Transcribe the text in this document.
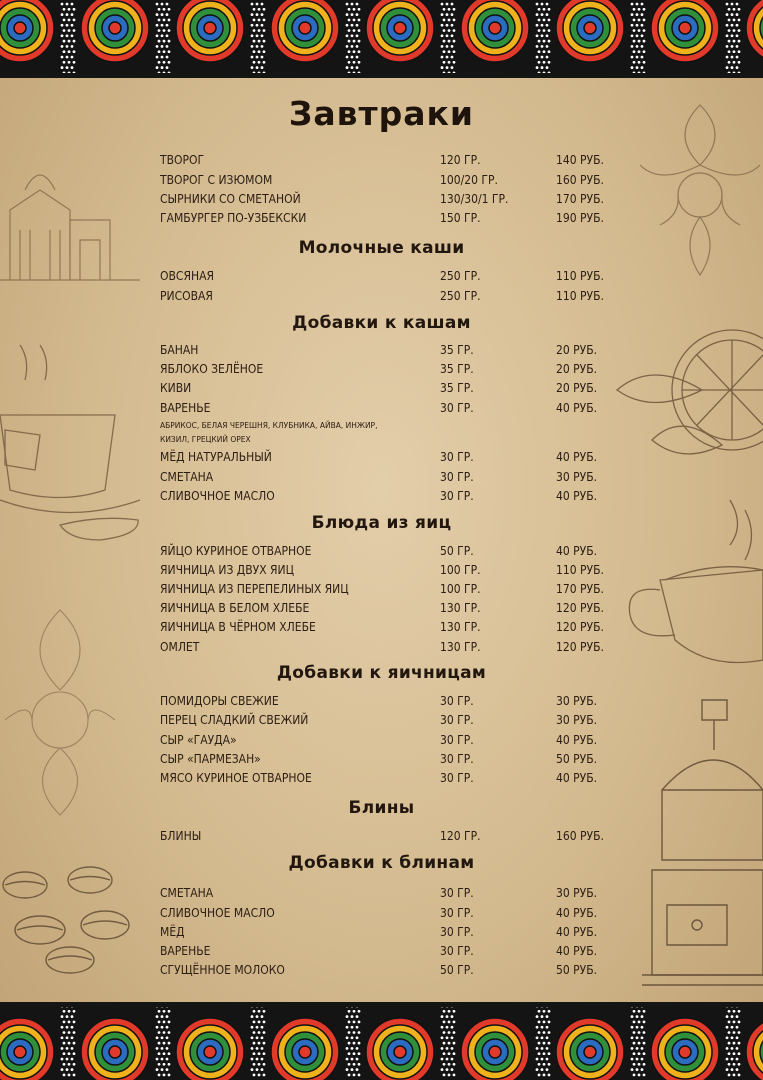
Завтраки
ТВОРОГ	120 ГР.	140 РУБ.
ТВОРОГ С ИЗЮМОМ	100/20 ГР.	160 РУБ.
СЫРНИКИ СО СМЕТАНОЙ	130/30/1 ГР.	170 РУБ.
ГАМБУРГЕР ПО-УЗБЕКСКИ	150 ГР.	190 РУБ.
Молочные каши
ОВСЯНАЯ	250 ГР.	110 РУБ.
РИСОВАЯ	250 ГР.	110 РУБ.
Добавки к кашам
БАНАН	35 ГР.	20 РУБ.
ЯБЛОКО ЗЕЛЁНОЕ	35 ГР.	20 РУБ.
КИВИ	35 ГР.	20 РУБ.
ВАРЕНЬЕ	30 ГР.	40 РУБ.
МЁД НАТУРАЛЬНЫЙ	30 ГР.	40 РУБ.
СМЕТАНА	30 ГР.	30 РУБ.
СЛИВОЧНОЕ МАСЛО	30 ГР.	40 РУБ.
АБРИКОС, БЕЛАЯ ЧЕРЕШНЯ, КЛУБНИКА, АЙВА, ИНЖИР,
КИЗИЛ, ГРЕЦКИЙ ОРЕХ
Блюда из яиц
ЯЙЦО КУРИНОЕ ОТВАРНОЕ	50 ГР.	40 РУБ.
ЯИЧНИЦА ИЗ ДВУХ ЯИЦ	100 ГР.	110 РУБ.
ЯИЧНИЦА ИЗ ПЕРЕПЕЛИНЫХ ЯИЦ	100 ГР.	170 РУБ.
ЯИЧНИЦА В БЕЛОМ ХЛЕБЕ	130 ГР.	120 РУБ.
ЯИЧНИЦА В ЧЁРНОМ ХЛЕБЕ	130 ГР.	120 РУБ.
ОМЛЕТ	130 ГР.	120 РУБ.
Добавки к яичницам
ПОМИДОРЫ СВЕЖИЕ	30 ГР.	30 РУБ.
ПЕРЕЦ СЛАДКИЙ СВЕЖИЙ	30 ГР.	30 РУБ.
СЫР «ГАУДА»	30 ГР.	40 РУБ.
СЫР «ПАРМЕЗАН»	30 ГР.	50 РУБ.
МЯСО КУРИНОЕ ОТВАРНОЕ	30 ГР.	40 РУБ.
Блины
БЛИНЫ	120 ГР.	160 РУБ.
Добавки к блинам
СМЕТАНА	30 ГР.	30 РУБ.
СЛИВОЧНОЕ МАСЛО	30 ГР.	40 РУБ.
МЁД	30 ГР.	40 РУБ.
ВАРЕНЬЕ	30 ГР.	40 РУБ.
СГУЩЁННОЕ МОЛОКО	50 ГР.	50 РУБ.
